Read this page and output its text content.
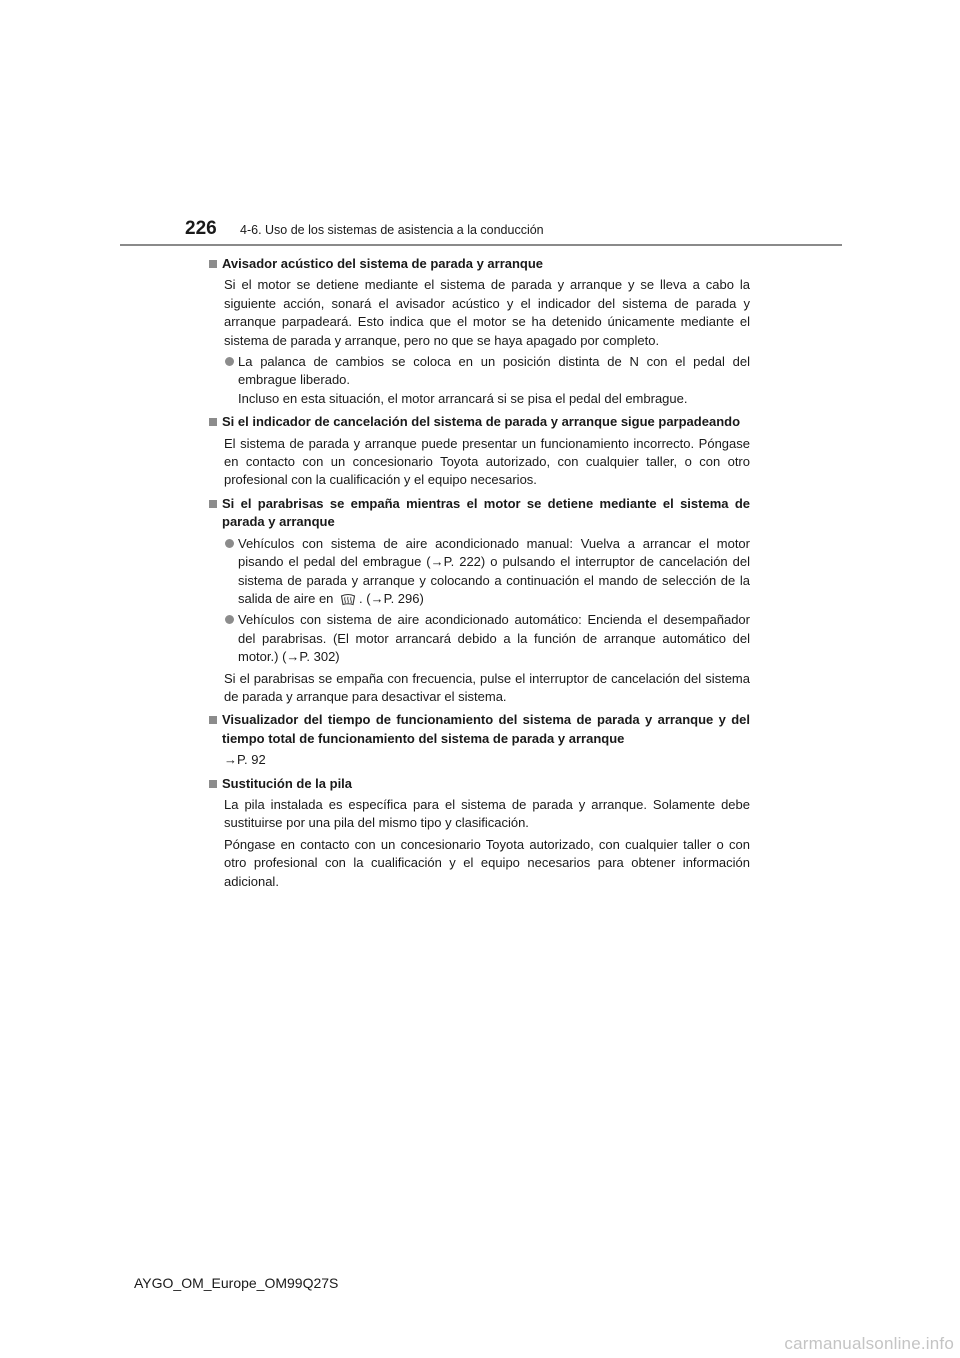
226 4-6. Uso de los sistemas de asistencia a la conducción
Avisador acústico del sistema de parada y arranque
Si el motor se detiene mediante el sistema de parada y arranque y se lleva a cabo la siguiente acción, sonará el avisador acústico y el indicador del sistema de parada y arranque parpadeará. Esto indica que el motor se ha detenido únicamente mediante el sistema de parada y arranque, pero no que se haya apagado por completo.
La palanca de cambios se coloca en un posición distinta de N con el pedal del embrague liberado.
Incluso en esta situación, el motor arrancará si se pisa el pedal del embrague.
Si el indicador de cancelación del sistema de parada y arranque sigue parpadeando
El sistema de parada y arranque puede presentar un funcionamiento incorrecto. Póngase en contacto con un concesionario Toyota autorizado, con cualquier taller, o con otro profesional con la cualificación y el equipo necesarios.
Si el parabrisas se empaña mientras el motor se detiene mediante el sistema de parada y arranque
Vehículos con sistema de aire acondicionado manual: Vuelva a arrancar el motor pisando el pedal del embrague (→P. 222) o pulsando el interruptor de cancelación del sistema de parada y arranque y colocando a continuación el mando de selección de la salida de aire en . (→P. 296)
Vehículos con sistema de aire acondicionado automático: Encienda el desempañador del parabrisas. (El motor arrancará debido a la función de arranque automático del motor.) (→P. 302)
Si el parabrisas se empaña con frecuencia, pulse el interruptor de cancelación del sistema de parada y arranque para desactivar el sistema.
Visualizador del tiempo de funcionamiento del sistema de parada y arranque y del tiempo total de funcionamiento del sistema de parada y arranque
→P. 92
Sustitución de la pila
La pila instalada es específica para el sistema de parada y arranque. Solamente debe sustituirse por una pila del mismo tipo y clasificación.
Póngase en contacto con un concesionario Toyota autorizado, con cualquier taller o con otro profesional con la cualificación y el equipo necesarios para obtener información adicional.
AYGO_OM_Europe_OM99Q27S
carmanualsonline.info
